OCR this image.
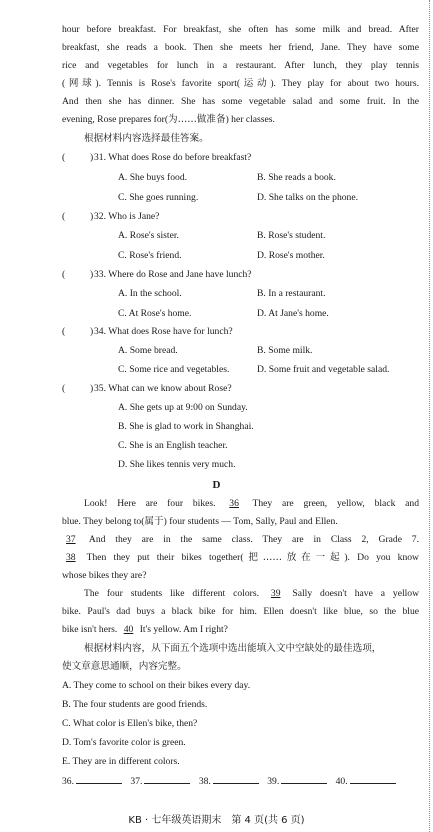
hour before breakfast. For breakfast, she often has some milk and bread. After
breakfast, she reads a book. Then she meets her friend, Jane. They have some
rice and vegetables for lunch in a restaurant. After lunch, they play tennis
(网球). Tennis is Rose's favorite sport(运动). They play for about two hours.
And then she has dinner. She has some vegetable salad and some fruit. In the
evening, Rose prepares for(为……做准备) her classes.
根据材料内容选择最佳答案。
(	) 31. What does Rose do before breakfast?
A. She buys food.	B. She reads a book.
C. She goes running.	D. She talks on the phone.
(	) 32. Who is Jane?
A. Rose's sister.	B. Rose's student.
C. Rose's friend.	D. Rose's mother.
(	) 33. Where do Rose and Jane have lunch?
A. In the school.	B. In a restaurant.
C. At Rose's home.	D. At Jane's home.
(	) 34. What does Rose have for lunch?
A. Some bread.	B. Some milk.
C. Some rice and vegetables.	D. Some fruit and vegetable salad.
(	) 35. What can we know about Rose?
A. She gets up at 9:00 on Sunday.
B. She is glad to work in Shanghai.
C. She is an English teacher.
D. She likes tennis very much.
D
Look! Here are four bikes. 36 They are green, yellow, black and
blue. They belong to(属于) four students — Tom, Sally, Paul and Ellen.
37 And they are in the same class. They are in Class 2, Grade 7.
38 Then they put their bikes together(把……放在一起). Do you know
whose bikes they are?
The four students like different colors. 39 Sally doesn't have a yellow
bike. Paul's dad buys a black bike for him. Ellen doesn't like blue, so the blue
bike isn't hers. 40 It's yellow. Am I right?
根据材料内容，从下面五个选项中选出能填入文中空缺处的最佳选项，
使文章意思通顺，内容完整。
A. They come to school on their bikes every day.
B. The four students are good friends.
C. What color is Ellen's bike, then?
D. Tom's favorite color is green.
E. They are in different colors.
36.	37.	38.	39.	40.
KB · 七年级英语期末　第 4 页(共 6 页)
